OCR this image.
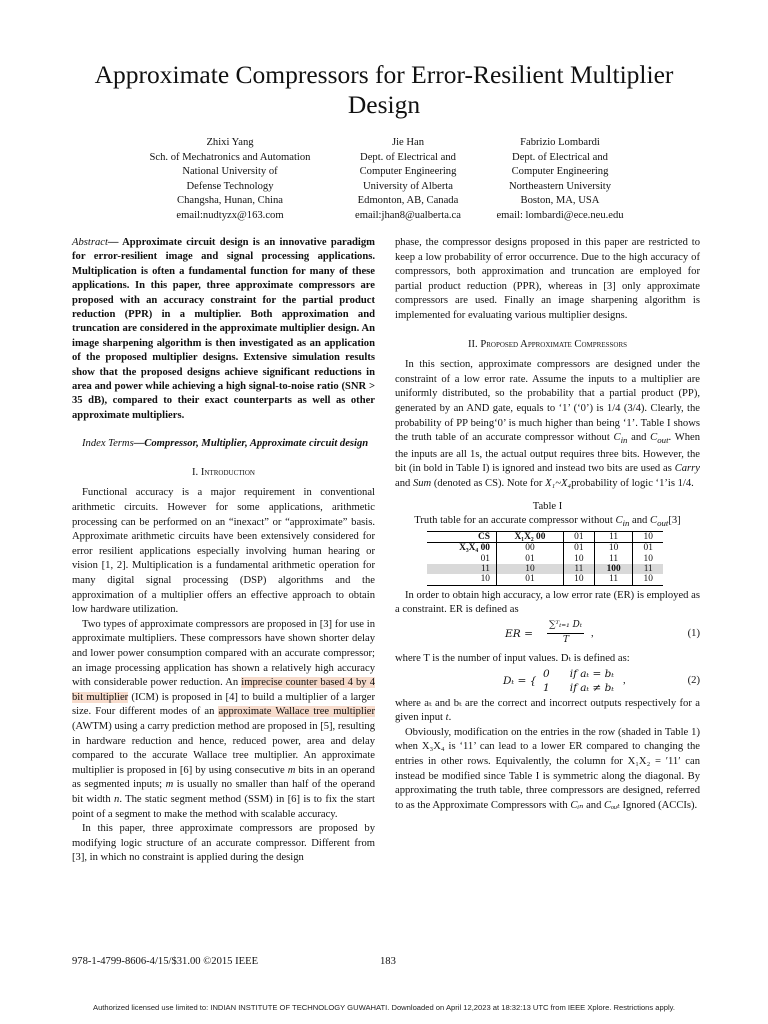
Approximate Compressors for Error-Resilient Multiplier Design
Zhixi Yang
Sch. of Mechatronics and Automation
National University of
Defense Technology
Changsha, Hunan, China
email:nudtyzx@163.com
Jie Han
Dept. of Electrical and
Computer Engineering
University of Alberta
Edmonton, AB, Canada
email:jhan8@ualberta.ca
Fabrizio Lombardi
Dept. of Electrical and
Computer Engineering
Northeastern University
Boston, MA, USA
email: lombardi@ece.neu.edu

Abstract— Approximate circuit design is an innovative paradigm for error-resilient image and signal processing applications. Multiplication is often a fundamental function for many of these applications. In this paper, three approximate compressors are proposed with an accuracy constraint for the partial product reduction (PPR) in a multiplier. Both approximation and truncation are considered in the approximate multiplier design. An image sharpening algorithm is then investigated as an application of the proposed multiplier designs. Extensive simulation results show that the proposed designs achieve significant reductions in area and power while achieving a high signal-to-noise ratio (SNR > 35 dB), compared to their exact counterparts as well as other approximate multipliers.

Index Terms—Compressor, Multiplier, Approximate circuit design

I. Introduction

Functional accuracy is a major requirement in conventional arithmetic circuits. However for some applications, arithmetic processing can be performed on an “inexact” or “approximate” basis. Approximate arithmetic circuits have been extensively considered for error resilient applications especially involving human hearing or vision [1, 2]. Multiplication is a fundamental arithmetic operation for many digital signal processing (DSP) algorithms and the approximation of a multiplier offers an effective approach to obtain low hardware utilization.

Two types of approximate compressors are proposed in [3] for use in approximate multipliers. These compressors have shown shorter delay and lower power consumption compared with an accurate compressor; an image processing application has shown a relatively high accuracy with considerable power reduction. An imprecise counter based 4 by 4 bit multiplier (ICM) is proposed in [4] to build a multiplier of a larger size. Four different modes of an approximate Wallace tree multiplier (AWTM) using a carry prediction method are proposed in [5], resulting in hardware reduction and hence, reduced power, area and delay compared to the accurate Wallace tree multiplier. An approximate multiplier is proposed in [6] by using consecutive m bits in an operand as segmented inputs; m is usually no smaller than half of the operand bit width n. The static segment method (SSM) in [6] is to fix the start point of a segment to make the method with scalable accuracy.

In this paper, three approximate compressors are proposed by modifying logic structure of an accurate compressor. Different from [3], in which no constraint is applied during the design

phase, the compressor designs proposed in this paper are restricted to keep a low probability of error occurrence. Due to the high accuracy of compressors, both approximation and truncation are employed for partial product reduction (PPR), whereas in [3] only approximate compressors are used. Finally an image sharpening algorithm is implemented for evaluating various multiplier designs.

II. Proposed Approximate Compressors

In this section, approximate compressors are designed under the constraint of a low error rate. Assume the inputs to a multiplier are uniformly distributed, so the probability that a partial product (PP), generated by an AND gate, equals to ‘1’ (‘0’) is 1/4 (3/4). Clearly, the probability of PP being‘0’ is much higher than being ‘1’. Table I shows the truth table of an accurate compressor without $C_{in}$ and $C_{out}$. When the inputs are all 1s, the actual output requires three bits. However, the bit (in bold in Table I) is ignored and instead two bits are used as Carry and Sum (denoted as CS). Note for X₁~X₄probability of logic ‘1’is 1/4.

Table I
Truth table for an accurate compressor without $C_{in}$ and $C_{out}[3]$
CS	X₁X₂ 00	01	11	10
X₃X₄ 00	00	01	10	01
01	01	10	11	10
11	10	11	100	11
10	01	10	11	10

In order to obtain high accuracy, a low error rate (ER) is employed as a constraint. ER is defined as

ER =
∑ᵀₜ₌₁ Dₜ
T
,	(1)

where T is the number of input values. Dₜ is defined as:

Dₜ = {
0      if aₜ = bₜ
1      if aₜ ≠ bₜ
,	(2)

where aₜ and bₜ are the correct and incorrect outputs respectively for a given input t.

Obviously, modification on the entries in the row (shaded in Table 1) when X₃X₄ is ‘11’ can lead to a lower ER compared to changing the entries in other rows. Equivalently, the column for X₁X₂ = ′11′ can instead be modified since Table I is symmetric along the diagonal. By approximating the truth table, three compressors are designed, referred to as the Approximate Compressors with Cᵢₙ and Cₒᵤₜ Ignored (ACCIs).

978-1-4799-8606-4/15/$31.00 ©2015 IEEE	183
Authorized licensed use limited to: INDIAN INSTITUTE OF TECHNOLOGY GUWAHATI. Downloaded on April 12,2023 at 18:32:13 UTC from IEEE Xplore. Restrictions apply.
